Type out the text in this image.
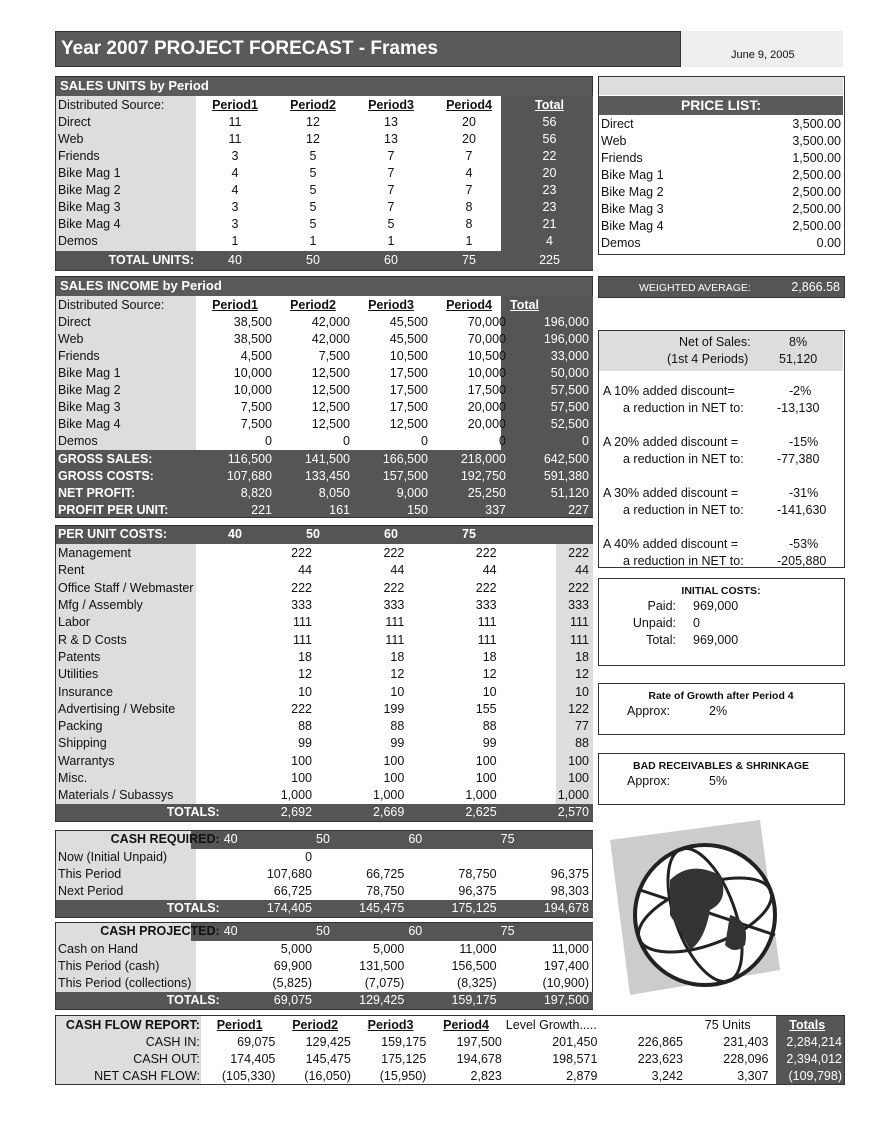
Year 2007 PROJECT FORECAST - Frames	June 9, 2005
SALES UNITS by Period
Distributed Source:	Period1	Period2	Period3	Period4	Total
Direct	11	12	13	20	56
Web	11	12	13	20	56
Friends	3	5	7	7	22
Bike Mag 1	4	5	7	4	20
Bike Mag 2	4	5	7	7	23
Bike Mag 3	3	5	7	8	23
Bike Mag 4	3	5	5	8	21
Demos	1	1	1	1	4
TOTAL UNITS:	40	50	60	75	225
PRICE LIST:
Direct	3,500.00
Web	3,500.00
Friends	1,500.00
Bike Mag 1	2,500.00
Bike Mag 2	2,500.00
Bike Mag 3	2,500.00
Bike Mag 4	2,500.00
Demos	0.00
WEIGHTED AVERAGE:	2,866.58
SALES INCOME by Period
Distributed Source:	Period1	Period2	Period3	Period4	Total
Direct	38,500	42,000	45,500	70,000	196,000
Web	38,500	42,000	45,500	70,000	196,000
Friends	4,500	7,500	10,500	10,500	33,000
Bike Mag 1	10,000	12,500	17,500	10,000	50,000
Bike Mag 2	10,000	12,500	17,500	17,500	57,500
Bike Mag 3	7,500	12,500	17,500	20,000	57,500
Bike Mag 4	7,500	12,500	12,500	20,000	52,500
Demos	0	0	0	0	0
GROSS SALES:	116,500	141,500	166,500	218,000	642,500
GROSS COSTS:	107,680	133,450	157,500	192,750	591,380
NET PROFIT:	8,820	8,050	9,000	25,250	51,120
PROFIT PER UNIT:	221	161	150	337	227
Net of Sales:	8%
(1st 4 Periods) 51,120
A 10% added discount=	-2%
a reduction in NET to:	-13,130
A 20% added discount =	-15%
a reduction in NET to:	-77,380
A 30% added discount =	-31%
a reduction in NET to:	-141,630
A 40% added discount =	-53%
a reduction in NET to:	-205,880
PER UNIT COSTS:	40	50	60	75	
Management	222	222	222	222
Rent	44	44	44	44
Office Staff / Webmaster	222	222	222	222
Mfg / Assembly	333	333	333	333
Labor	111	111	111	111
R & D Costs	111	111	111	111
Patents	18	18	18	18
Utilities	12	12	12	12
Insurance	10	10	10	10
Advertising / Website	222	199	155	122
Packing	88	88	88	77
Shipping	99	99	99	88
Warrantys	100	100	100	100
Misc.	100	100	100	100
Materials / Subassys	1,000	1,000	1,000	1,000
TOTALS:	2,692	2,669	2,625	2,570
INITIAL COSTS:
Paid: 969,000
Unpaid: 0
Total: 969,000
Rate of Growth after Period 4
Approx:	2%
BAD RECEIVABLES & SHRINKAGE
Approx:	5%
CASH REQUIRED:	40	50	60	75
Now (Initial Unpaid)	0			
This Period	107,680	66,725	78,750	96,375
Next Period	66,725	78,750	96,375	98,303
TOTALS:	174,405	145,475	175,125	194,678
CASH PROJECTED:	40	50	60	75
Cash on Hand	5,000	5,000	11,000	11,000
This Period (cash)	69,900	131,500	156,500	197,400
This Period (collections)	(5,825)	(7,075)	(8,325)	(10,900)
TOTALS:	69,075	129,425	159,175	197,500
CASH FLOW REPORT:	Period1	Period2	Period3	Period4	Level Growth.....		75 Units	Totals
CASH IN:	69,075	129,425	159,175	197,500	201,450	226,865	231,403	2,284,214
CASH OUT:	174,405	145,475	175,125	194,678	198,571	223,623	228,096	2,394,012
NET CASH FLOW:	(105,330)	(16,050)	(15,950)	2,823	2,879	3,242	3,307	(109,798)
